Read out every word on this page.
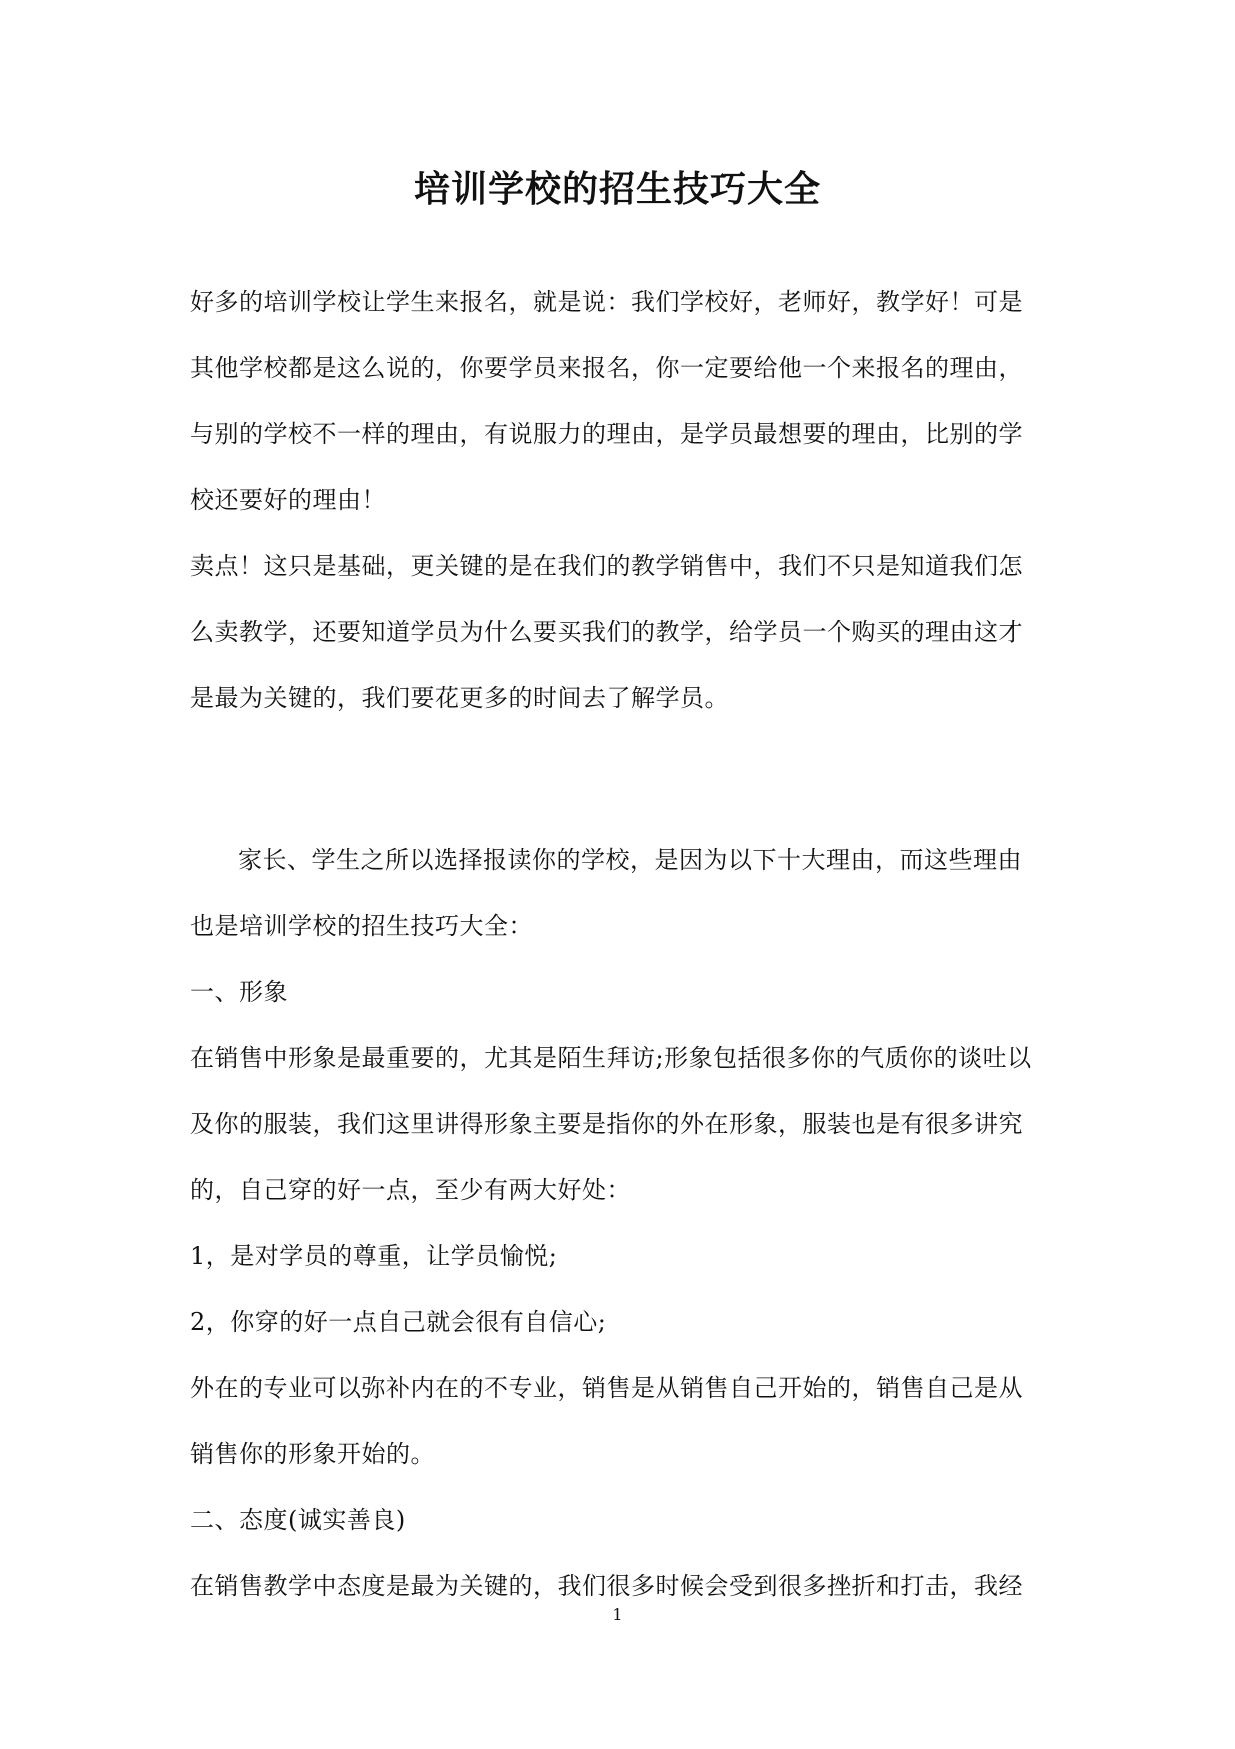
培训学校的招生技巧大全
好多的培训学校让学生来报名，就是说：我们学校好，老师好，教学好！可是
其他学校都是这么说的，你要学员来报名，你一定要给他一个来报名的理由，
与别的学校不一样的理由，有说服力的理由，是学员最想要的理由，比别的学
校还要好的理由！
卖点！这只是基础，更关键的是在我们的教学销售中，我们不只是知道我们怎
么卖教学，还要知道学员为什么要买我们的教学，给学员一个购买的理由这才
是最为关键的，我们要花更多的时间去了解学员。
家长、学生之所以选择报读你的学校，是因为以下十大理由，而这些理由
也是培训学校的招生技巧大全：
一、形象
在销售中形象是最重要的，尤其是陌生拜访;形象包括很多你的气质你的谈吐以
及你的服装，我们这里讲得形象主要是指你的外在形象，服装也是有很多讲究
的，自己穿的好一点，至少有两大好处：
1，是对学员的尊重，让学员愉悦;
2，你穿的好一点自己就会很有自信心;
外在的专业可以弥补内在的不专业，销售是从销售自己开始的，销售自己是从
销售你的形象开始的。
二、态度(诚实善良)
在销售教学中态度是最为关键的，我们很多时候会受到很多挫折和打击，我经
1
